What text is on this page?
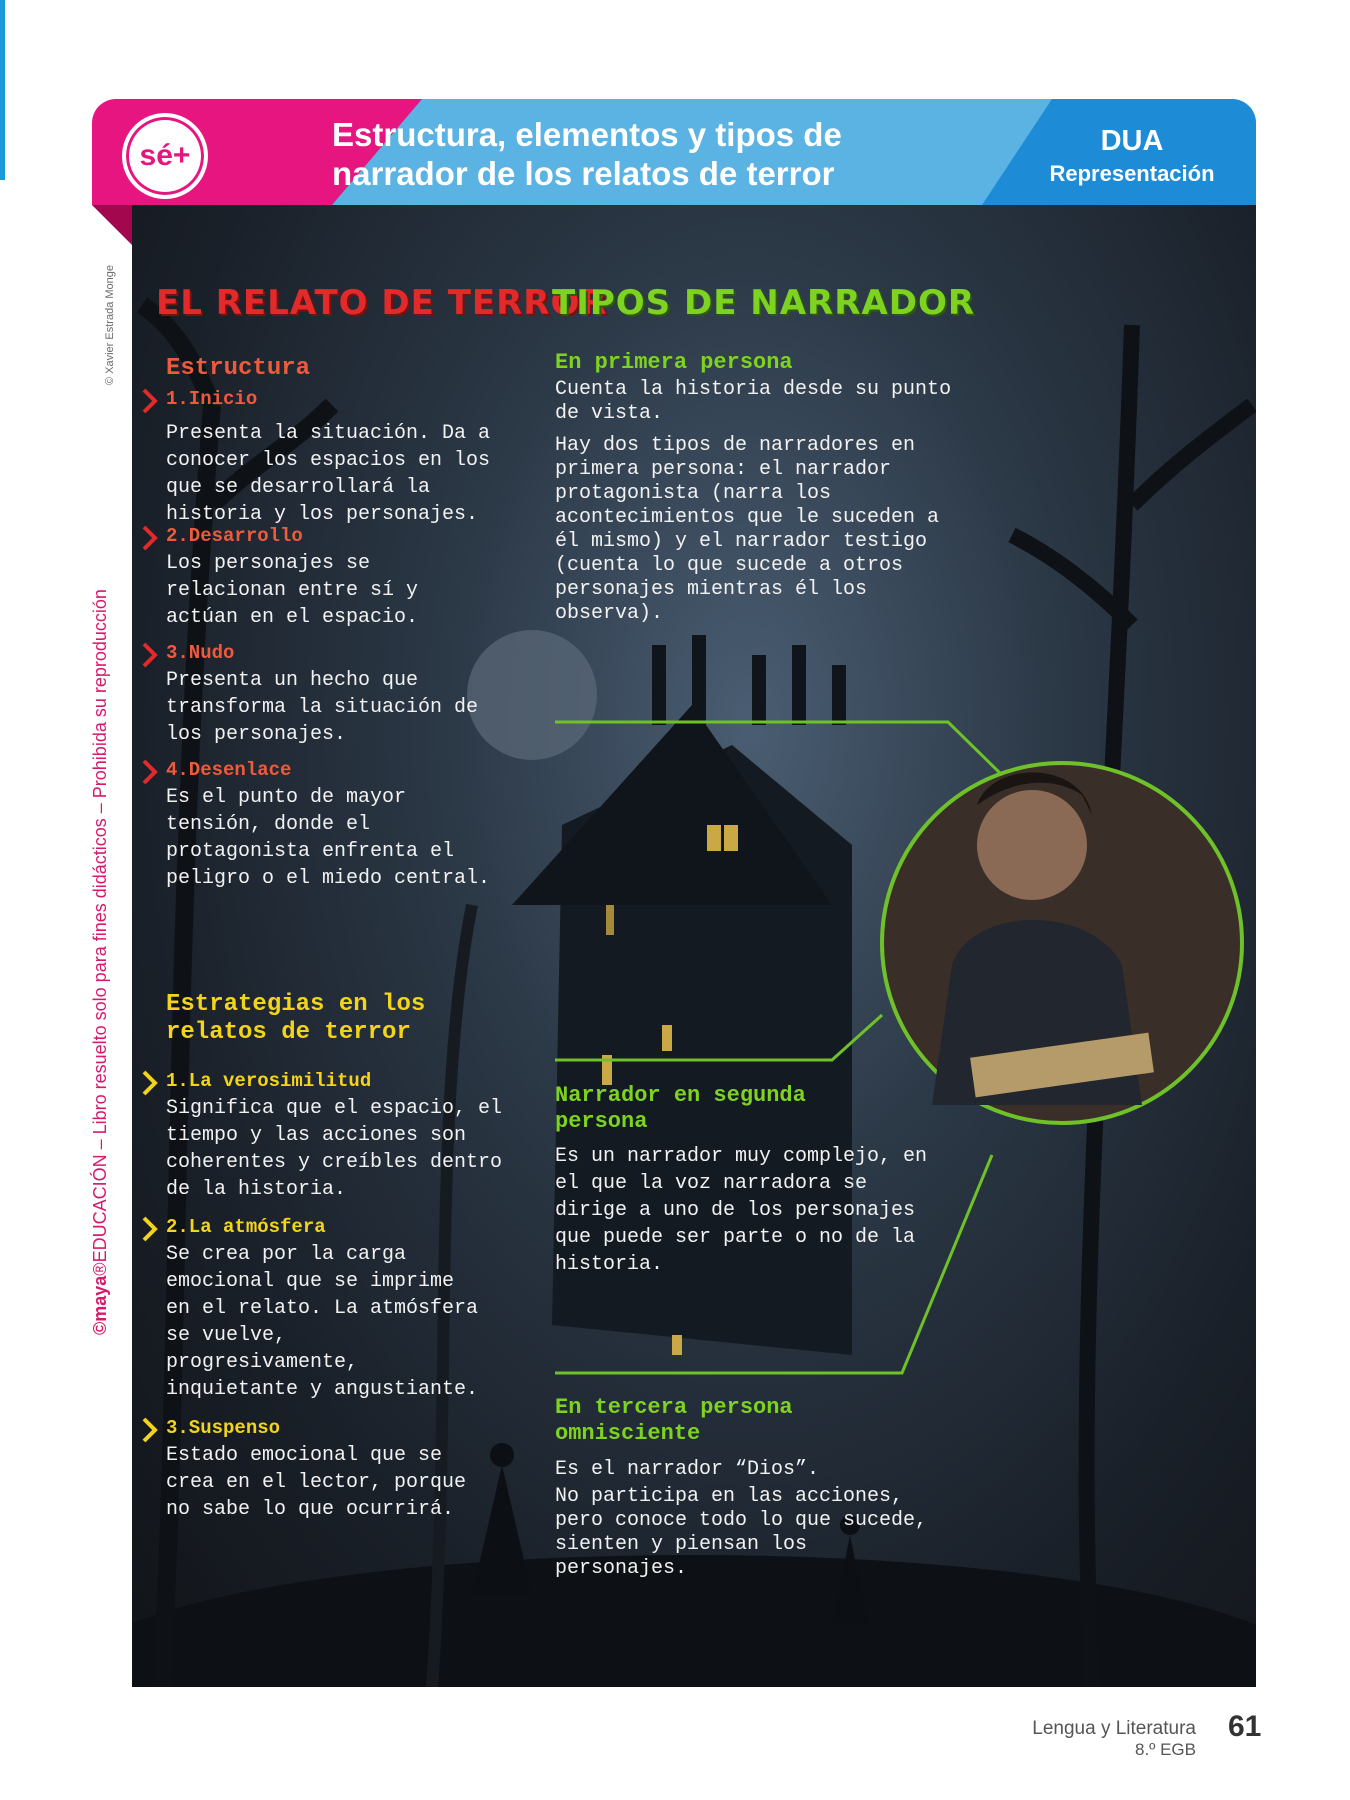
sé+
Estructura, elementos y tipos de narrador de los relatos de terror
DUA
Representación
© Xavier Estrada Monge
©maya®EDUCACIÓN – Libro resuelto solo para fines didácticos – Prohibida su reproducción
EL RELATO DE TERROR
Estructura
1.Inicio
Presenta la situación. Da a conocer los espacios en los que se desarrollará la historia y los personajes.
2.Desarrollo
Los personajes se relacionan entre sí y actúan en el espacio.
3.Nudo
Presenta un hecho que transforma la situación de los personajes.
4.Desenlace
Es el punto de mayor tensión, donde el protagonista enfrenta el peligro o el miedo central.
Estrategias en los relatos de terror
1.La verosimilitud
Significa que el espacio, el tiempo y las acciones son coherentes y creíbles dentro de la historia.
2.La atmósfera
Se crea por la carga emocional que se imprime en el relato. La atmósfera se vuelve, progresivamente, inquietante y angustiante.
3.Suspenso
Estado emocional que se crea en el lector, porque no sabe lo que ocurrirá.
TIPOS DE NARRADOR
En primera persona
Cuenta la historia desde su punto de vista.
Hay dos tipos de narradores en primera persona: el narrador protagonista (narra los acontecimientos que le suceden a él mismo) y el narrador testigo (cuenta lo que sucede a otros personajes mientras él los observa).
Narrador en segunda persona
Es un narrador muy complejo, en el que la voz narradora se dirige a uno de los personajes que puede ser parte o no de la historia.
En tercera persona omnisciente
Es el narrador “Dios”.
No participa en las acciones, pero conoce todo lo que sucede, sienten y piensan los personajes.
Lengua y Literatura
8.º EGB
61
